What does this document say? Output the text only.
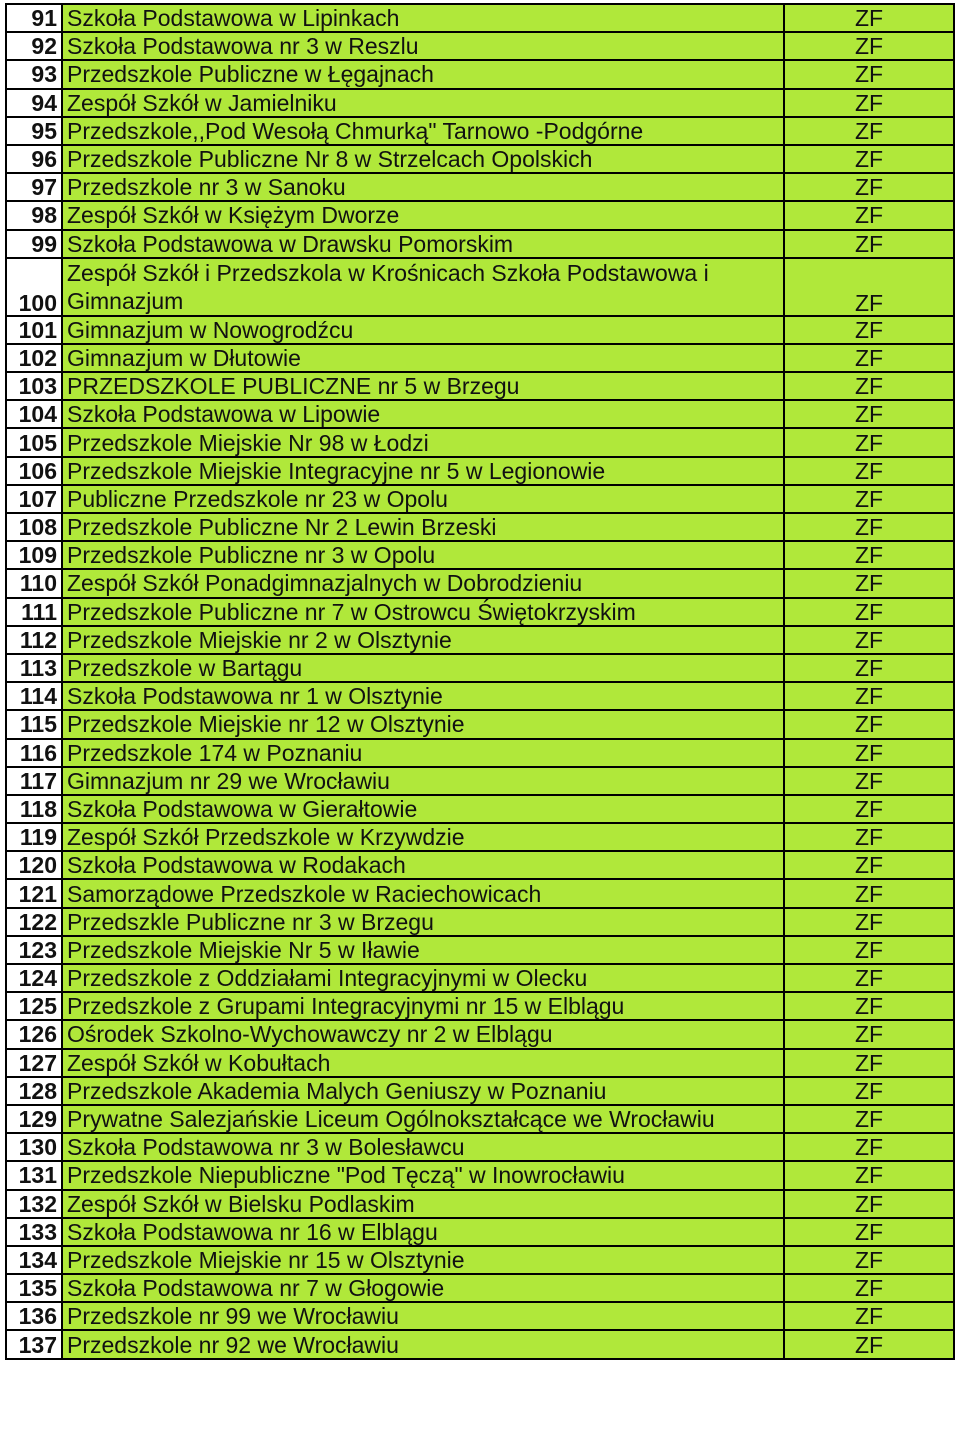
91	Szkoła Podstawowa w Lipinkach	ZF
92	Szkoła Podstawowa nr 3 w Reszlu	ZF
93	Przedszkole Publiczne w Łęgajnach	ZF
94	Zespół Szkół w Jamielniku	ZF
95	Przedszkole,,Pod Wesołą Chmurką" Tarnowo -Podgórne	ZF
96	Przedszkole Publiczne Nr 8 w Strzelcach Opolskich	ZF
97	Przedszkole nr 3 w Sanoku	ZF
98	Zespół Szkół w Księżym Dworze	ZF
99	Szkoła Podstawowa w Drawsku Pomorskim	ZF
100	Zespół Szkół i Przedszkola w Krośnicach Szkoła Podstawowa i Gimnazjum	ZF
101	Gimnazjum w Nowogrodźcu	ZF
102	Gimnazjum w Dłutowie	ZF
103	PRZEDSZKOLE PUBLICZNE nr 5 w Brzegu	ZF
104	Szkoła Podstawowa w Lipowie	ZF
105	Przedszkole Miejskie Nr 98 w Łodzi	ZF
106	Przedszkole Miejskie Integracyjne nr 5 w Legionowie	ZF
107	Publiczne Przedszkole nr 23 w Opolu	ZF
108	Przedszkole Publiczne Nr 2 Lewin Brzeski	ZF
109	Przedszkole Publiczne nr 3 w Opolu	ZF
110	Zespół Szkół Ponadgimnazjalnych w Dobrodzieniu	ZF
111	Przedszkole Publiczne nr 7 w Ostrowcu Świętokrzyskim	ZF
112	Przedszkole Miejskie nr 2 w Olsztynie	ZF
113	Przedszkole w Bartągu	ZF
114	Szkoła Podstawowa nr 1 w Olsztynie	ZF
115	Przedszkole Miejskie nr 12 w Olsztynie	ZF
116	Przedszkole 174 w Poznaniu	ZF
117	Gimnazjum nr 29 we Wrocławiu	ZF
118	Szkoła Podstawowa w Gierałtowie	ZF
119	Zespół Szkół Przedszkole w Krzywdzie	ZF
120	Szkoła Podstawowa w Rodakach	ZF
121	Samorządowe Przedszkole w Raciechowicach	ZF
122	Przedszkle Publiczne nr 3 w Brzegu	ZF
123	Przedszkole Miejskie Nr 5 w Iławie	ZF
124	Przedszkole z Oddziałami Integracyjnymi w Olecku	ZF
125	Przedszkole z Grupami Integracyjnymi nr 15 w Elblągu	ZF
126	Ośrodek Szkolno-Wychowawczy nr 2 w Elblągu	ZF
127	Zespół Szkół w Kobułtach	ZF
128	Przedszkole Akademia Malych Geniuszy w Poznaniu	ZF
129	Prywatne Salezjańskie Liceum Ogólnokształcące we Wrocławiu	ZF
130	Szkoła Podstawowa nr 3 w Bolesławcu	ZF
131	Przedszkole Niepubliczne "Pod Tęczą" w Inowrocławiu	ZF
132	Zespół Szkół w Bielsku Podlaskim	ZF
133	Szkoła Podstawowa nr 16 w Elblągu	ZF
134	Przedszkole Miejskie nr 15 w Olsztynie	ZF
135	Szkoła Podstawowa nr 7 w Głogowie	ZF
136	Przedszkole nr 99 we Wrocławiu	ZF
137	Przedszkole nr 92 we Wrocławiu	ZF
